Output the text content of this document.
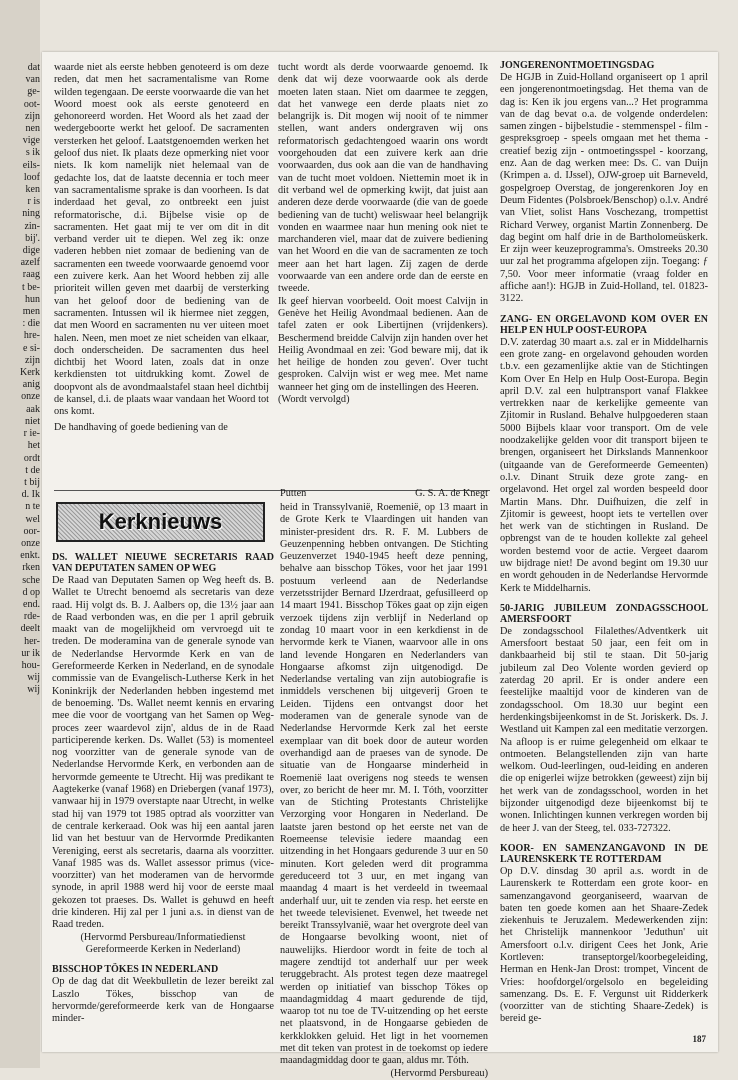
dat
van
ge-
oot-
zijn
nen
vige
s ik
eils-
loof
ken
r is
ning
zin-
bij'.
dige
azelf
raag
t be-
hun
men
: die
hre-
e si-
zijn
Kerk
anig
onze
aak
niet
r ie-
het
ordt
t de
t bij
d. Ik
n te
wel
oor-
onze
enkt.
rken
sche
d op
end.
rde-
deelt
her-
ur ik
hou-
wij
wij

waarde niet als eerste hebben genoteerd is om deze reden, dat men het sacramentalisme van Rome wilden tegengaan. De eerste voorwaarde die van het Woord moest ook als eerste genoteerd en gehonoreerd worden. Het Woord als het zaad der wedergeboorte werkt het geloof. De sacramenten versterken het geloof. Laatstgenoemden werken het geloof dus niet. Ik plaats deze opmerking niet voor niets. Ik kom namelijk niet helemaal van de gedachte los, dat de laatste decennia er toch meer van sacramentalisme sprake is dan voorheen. Is dat inderdaad het geval, zo ontbreekt een juist reformatorische, d.i. Bijbelse visie op de sacramenten. Het gaat mij te ver om dit in dit verband verder uit te diepen. Wel zeg ik: onze vaderen hebben niet zomaar de bediening van de sacramenten een tweede voorwaarde genoemd voor een zuivere kerk. Aan het Woord hebben zij alle prioriteit willen geven met daarbij de versterking van het geloof door de bediening van de sacramenten. Intussen wil ik hiermee niet zeggen, dat men Woord en sacramenten nu ver uiteen moet halen. Neen, men moet ze niet scheiden van elkaar, doch onderscheiden. De sacramenten dus heel dichtbij het Woord laten, zoals dat in onze kerkdiensten tot uitdrukking komt. Zowel de doopvont als de avondmaalstafel staan heel dichtbij de kansel, d.i. de plaats waar vandaan het Woord tot ons komt.

De handhaving of goede bediening van de

tucht wordt als derde voorwaarde genoemd. Ik denk dat wij deze voorwaarde ook als derde moeten laten staan. Niet om daarmee te zeggen, dat het vanwege een derde plaats niet zo belangrijk is. Dit mogen wij nooit of te nimmer stellen, want anders ondergraven wij ons reformatorisch gedachtengoed waarin ons wordt voorgehouden dat een zuivere kerk aan drie voorwaarden, dus ook aan die van de handhaving van de tucht moet voldoen. Niettemin moet ik in dit verband wel de opmerking kwijt, dat juist aan anderen deze derde voorwaarde (die van de goede bediening van de tucht) weliswaar heel belangrijk vonden en waarmee naar hun mening ook niet te marchanderen viel, maar dat de zuivere bediening van het Woord en die van de sacramenten ze toch meer aan het hart lagen. Zij zagen de derde voorwaarde van een andere orde dan de eerste en tweede.

Ik geef hiervan voorbeeld. Ooit moest Calvijn in Genève het Heilig Avondmaal bedienen. Aan de tafel zaten er ook Libertijnen (vrijdenkers). Beschermend breidde Calvijn zijn handen over het Heilig Avondmaal en zei: 'God beware mij, dat ik het heilige de honden zou geven'. Over tucht gesproken. Calvijn wist er weg mee. Met name wanneer het ging om de instellingen des Heeren.

(Wordt vervolgd)

Putten	G. S. A. de Knegt
Kerknieuws
DS. WALLET NIEUWE SECRETARIS RAAD VAN DEPUTATEN SAMEN OP WEG

De Raad van Deputaten Samen op Weg heeft ds. B. Wallet te Utrecht benoemd als secretaris van deze raad. Hij volgt ds. B. J. Aalbers op, die 13½ jaar aan de Raad verbonden was, en die per 1 april gebruik maakt van de mogelijkheid om vervroegd uit te treden. De moderamina van de generale synode van de Nederlandse Hervormde Kerk en van de Gereformeerde Kerken in Nederland, en de synodale commissie van de Evangelisch-Lutherse Kerk in het Koninkrijk der Nederlanden hebben ingestemd met de benoeming. 'Ds. Wallet neemt kennis en ervaring mee die voor de voortgang van het Samen op Weg-proces zeer waardevol zijn', aldus de in de Raad participerende kerken. Ds. Wallet (53) is momenteel nog voorzitter van de generale synode van de Nederlandse Hervormde Kerk, en verbonden aan de hervormde gemeente te Utrecht. Hij was predikant te Aagtekerke (vanaf 1968) en Driebergen (vanaf 1973), vanwaar hij in 1979 overstapte naar Utrecht, in welke stad hij van 1979 tot 1985 optrad als voorzitter van de centrale kerkeraad. Ook was hij een aantal jaren lid van het bestuur van de Hervormde Predikanten Vereniging, eerst als secretaris, daarna als voorzitter. Vanaf 1985 was ds. Wallet assessor primus (vice-voorzitter) van het moderamen van de hervormde synode, in april 1988 werd hij voor de eerste maal gekozen tot praeses. Ds. Wallet is gehuwd en heeft drie kinderen. Hij zal per 1 juni a.s. in dienst van de Raad treden.

(Hervormd Persbureau/Informatiedienst Gereformeerde Kerken in Nederland)

BISSCHOP TÖKES IN NEDERLAND

Op de dag dat dit Weekbulletin de lezer bereikt zal Laszlo Tökes, bisschop van de hervormde/gereformeerde kerk van de Hongaarse minder-

heid in Transsylvanië, Roemenië, op 13 maart in de Grote Kerk te Vlaardingen uit handen van minister-president drs. R. F. M. Lubbers de Geuzenpenning hebben ontvangen. De Stichting Geuzenverzet 1940-1945 heeft deze penning, behalve aan bisschop Tökes, voor het jaar 1991 postuum verleend aan de Nederlandse verzetsstrijder Bernard IJzerdraat, gefusilleerd op 14 maart 1941. Bisschop Tökes gaat op zijn eigen verzoek tijdens zijn verblijf in Nederland op zondag 10 maart voor in een kerkdienst in de hervormde kerk te Vianen, waarvoor alle in ons land levende Hongaren en Nederlanders van Hongaarse afkomst zijn uitgenodigd. De Nederlandse vertaling van zijn autobiografie is inmiddels verschenen bij uitgeverij Groen te Leiden. Tijdens een ontvangst door het moderamen van de generale synode van de Nederlandse Hervormde Kerk zal het eerste exemplaar van dit boek door de auteur worden overhandigd aan de praeses van de synode. De situatie van de Hongaarse minderheid in Roemenië laat overigens nog steeds te wensen over, zo bericht de heer mr. M. I. Tóth, voorzitter van de Stichting Protestants Christelijke Verzorging voor Hongaren in Nederland. De laatste jaren bestond op het eerste net van de Roemeense televisie iedere maandag een uitzending in het Hongaars gedurende 3 uur en 50 minuten. Kort geleden werd dit programma gereduceerd tot 3 uur, en met ingang van maandag 4 maart is het verdeeld in tweemaal anderhalf uur, uit te zenden via resp. het eerste en het tweede televisienet. Evenwel, het tweede net bereikt Transsylvanië, waar het overgrote deel van de Hongaarse bevolking woont, niet of nauwelijks. Hierdoor wordt in feite de toch al magere zendtijd tot anderhalf uur per week teruggebracht. Als protest tegen deze maatregel werden op initiatief van bisschop Tökes op maandagmiddag 4 maart gedurende de tijd, waarop tot nu toe de TV-uitzending op het eerste net plaatsvond, in de Hongaarse gebieden de kerkklokken geluid. Het ligt in het voornemen met dit teken van protest in de toekomst op iedere maandagmiddag door te gaan, aldus mr. Tóth.

(Hervormd Persbureau)

JONGERENONTMOETINGSDAG

De HGJB in Zuid-Holland organiseert op 1 april een jongerenontmoetingsdag. Het thema van de dag is: Ken ik jou ergens van...? Het programma van de dag bevat o.a. de volgende onderdelen: samen zingen - bijbelstudie - stemmenspel - film - gespreksgroep - speels omgaan met het thema - creatief bezig zijn - ontmoetingsspel - koorzang, enz. Aan de dag werken mee: Ds. C. van Duijn (Krimpen a. d. IJssel), OJW-groep uit Barneveld, gospelgroep Overstag, de jongerenkoren Joy en Deum Fidentes (Polsbroek/Benschop) o.l.v. André van Vliet, solist Hans Voschezang, trompettist Richard Verwey, organist Martin Zonnenberg. De dag begint om half drie in de Bartholomeüskerk. Er zijn weer keuzeprogramma's. Omstreeks 20.30 uur zal het programma afgelopen zijn. Toegang: ƒ 7,50. Voor meer informatie (vraag folder en affiche aan!): HGJB in Zuid-Holland, tel. 01823-3122.

ZANG- EN ORGELAVOND KOM OVER EN HELP EN HULP OOST-EUROPA

D.V. zaterdag 30 maart a.s. zal er in Middelharnis een grote zang- en orgelavond gehouden worden t.b.v. een gezamenlijke aktie van de Stichtingen Kom Over En Help en Hulp Oost-Europa. Begin april D.V. zal een hulptransport vanaf Flakkee vertrekken naar de kerkelijke gemeente van Zjitomir in Rusland. Behalve hulpgoederen staan 5000 Bijbels klaar voor transport. Om de vele noodzakelijke gelden voor dit transport bijeen te brengen, organiseert het Dirkslands Mannenkoor (uitgaande van de Gereformeerde Gemeenten) o.l.v. Dinant Struik deze grote zang- en orgelavond. Het orgel zal worden bespeeld door Martin Mans. Dhr. Duifhuizen, die zelf in Zjitomir is geweest, hoopt iets te vertellen over het werk van de stichtingen in Rusland. De opbrengst van de te houden kollekte zal geheel worden bestemd voor de actie. Vergeet daarom uw bijdrage niet! De avond begint om 19.30 uur en wordt gehouden in de Nederlandse Hervormde Kerk te Middelharnis.

50-JARIG JUBILEUM ZONDAGSSCHOOL AMERSFOORT

De zondagsschool Filalethes/Adventkerk uit Amersfoort bestaat 50 jaar, een feit om in dankbaarheid bij stil te staan. Dit 50-jarig jubileum zal Deo Volente worden gevierd op zaterdag 20 april. Er is onder andere een feestelijke maaltijd voor de kinderen van de zondagsschool. Om 18.30 uur begint een herdenkingsbijeenkomst in de St. Joriskerk. Ds. J. Westland uit Kampen zal een meditatie verzorgen. Na afloop is er ruime gelegenheid om elkaar te ontmoeten. Belangstellenden zijn van harte welkom. Oud-leerlingen, oud-leiding en anderen die op enigerlei wijze betrokken (geweest) zijn bij het werk van de zondagsschool, worden in het bijzonder uitgenodigd deze bijeenkomst bij te wonen. Inlichtingen kunnen verkregen worden bij de heer J. van der Steeg, tel. 033-727322.

KOOR- EN SAMENZANGAVOND IN DE LAURENSKERK TE ROTTERDAM

Op D.V. dinsdag 30 april a.s. wordt in de Laurenskerk te Rotterdam een grote koor- en samenzangavond georganiseerd, waarvan de baten ten goede komen aan het Shaare-Zedek ziekenhuis te Jeruzalem. Medewerkenden zijn: het Christelijk mannenkoor 'Jeduthun' uit Amersfoort o.l.v. dirigent Cees het Jonk, Arie Kortleven: transeptorgel/koorbegeleiding, Herman en Henk-Jan Drost: trompet, Vincent de Vries: hoofdorgel/orgelsolo en begeleiding samenzang. Ds. E. F. Vergunst uit Ridderkerk (voorzitter van de stichting Shaare-Zedek) is bereid ge-

187
